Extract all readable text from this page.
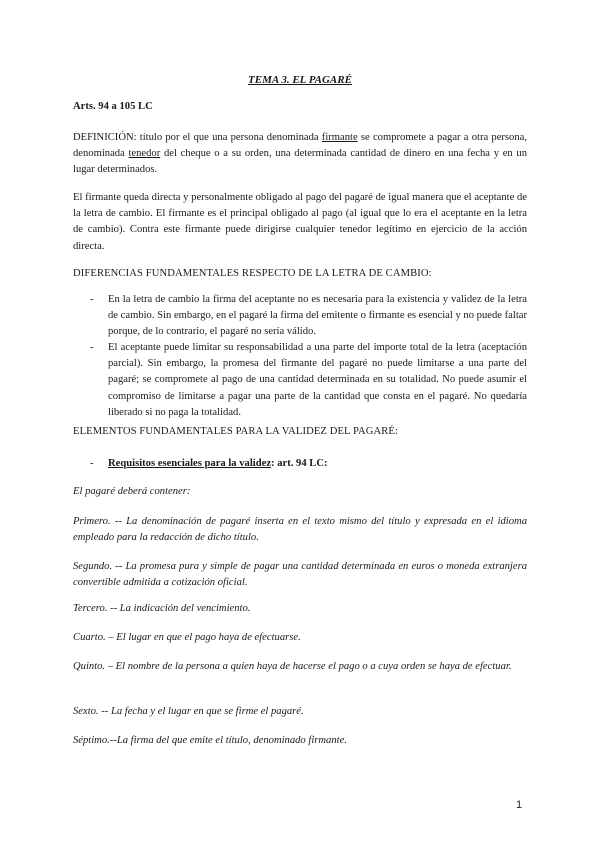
TEMA 3. EL PAGARÉ

Arts. 94 a 105 LC

DEFINICIÓN: título por el que una persona denominada firmante se compromete a pagar a otra persona, denominada tenedor del cheque o a su orden, una determinada cantidad de dinero en una fecha y en un lugar determinados.

El firmante queda directa y personalmente obligado al pago del pagaré de igual manera que el aceptante de la letra de cambio. El firmante es el principal obligado al pago (al igual que lo era el aceptante en la letra de cambio). Contra este firmante puede dirigirse cualquier tenedor legítimo en ejercicio de la acción directa.

DIFERENCIAS FUNDAMENTALES RESPECTO DE LA LETRA DE CAMBIO:

-	En la letra de cambio la firma del aceptante no es necesaria para la existencia y validez de la letra de cambio. Sin embargo, en el pagaré la firma del emitente o firmante es esencial y no puede faltar porque, de lo contrario, el pagaré no sería válido.

-	El aceptante puede limitar su responsabilidad a una parte del importe total de la letra (aceptación parcial). Sin embargo, la promesa del firmante del pagaré no puede limitarse a una parte del pagaré; se compromete al pago de una cantidad determinada en su totalidad. No puede asumir el compromiso de limitarse a pagar una parte de la cantidad que consta en el pagaré. No quedaría liberado si no paga la totalidad.

ELEMENTOS FUNDAMENTALES PARA LA VALIDEZ DEL PAGARÉ:

-	Requisitos esenciales para la validez: art. 94 LC:

El pagaré deberá contener:

Primero. -- La denominación de pagaré inserta en el texto mismo del título y expresada en el idioma empleado para la redacción de dicho título.

Segundo. -- La promesa pura y simple de pagar una cantidad determinada en euros o moneda extranjera convertible admitida a cotización oficial.

Tercero. -- La indicación del vencimiento.

Cuarto. – El lugar en que el pago haya de efectuarse.

Quinto. – El nombre de la persona a quien haya de hacerse el pago o a cuya orden se haya de efectuar.

Sexto. -- La fecha y el lugar en que se firme el pagaré.

Séptimo.--La firma del que emite el título, denominado firmante.

1
